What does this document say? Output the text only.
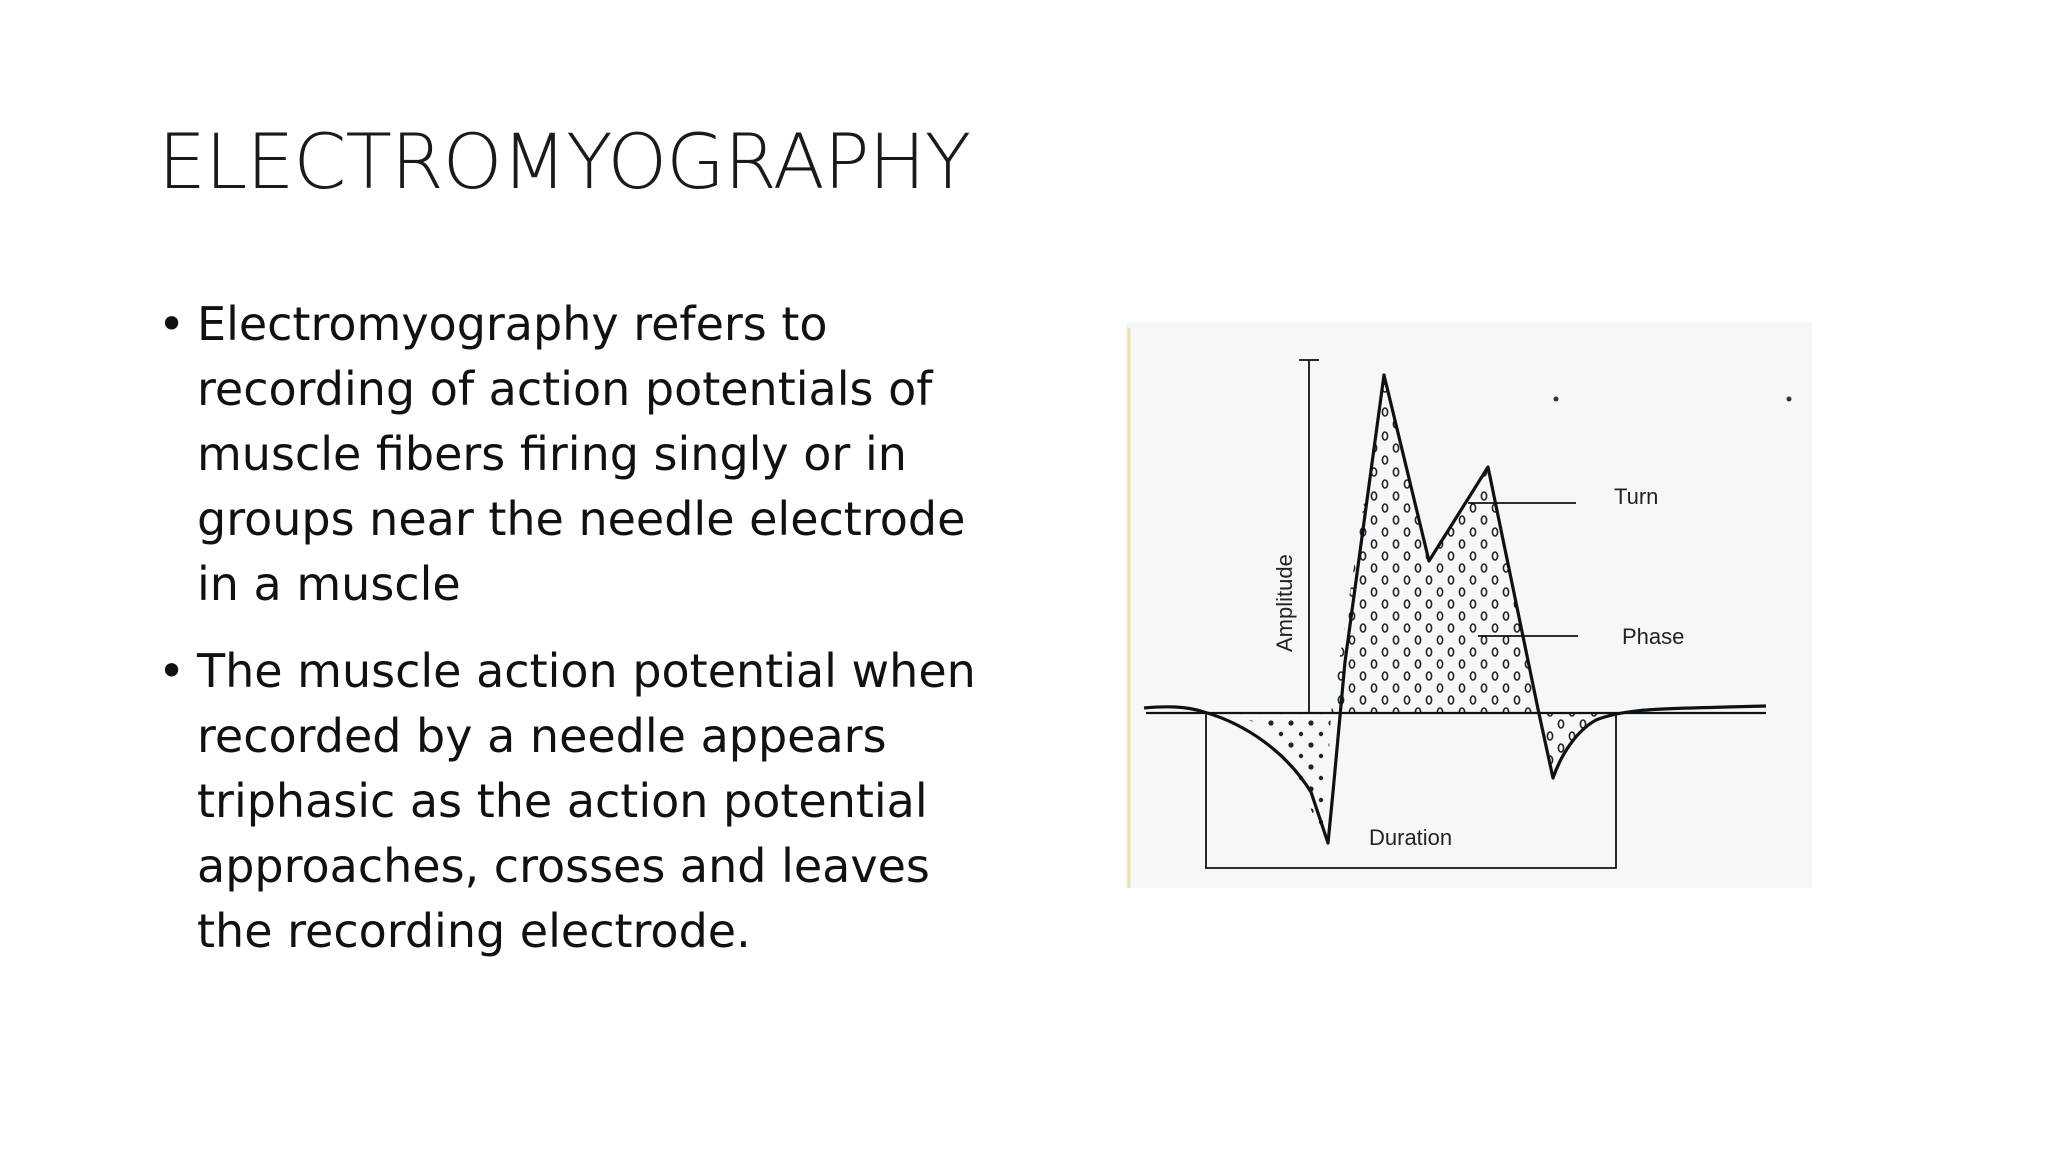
ELECTROMYOGRAPHY
• Electromyography refers to recording of action potentials of muscle fibers firing singly or in groups near the needle electrode in a muscle
• The muscle action potential when recorded by a needle appears triphasic as the action potential approaches, crosses and leaves the recording electrode.
Amplitude
Duration
Turn
Phase
